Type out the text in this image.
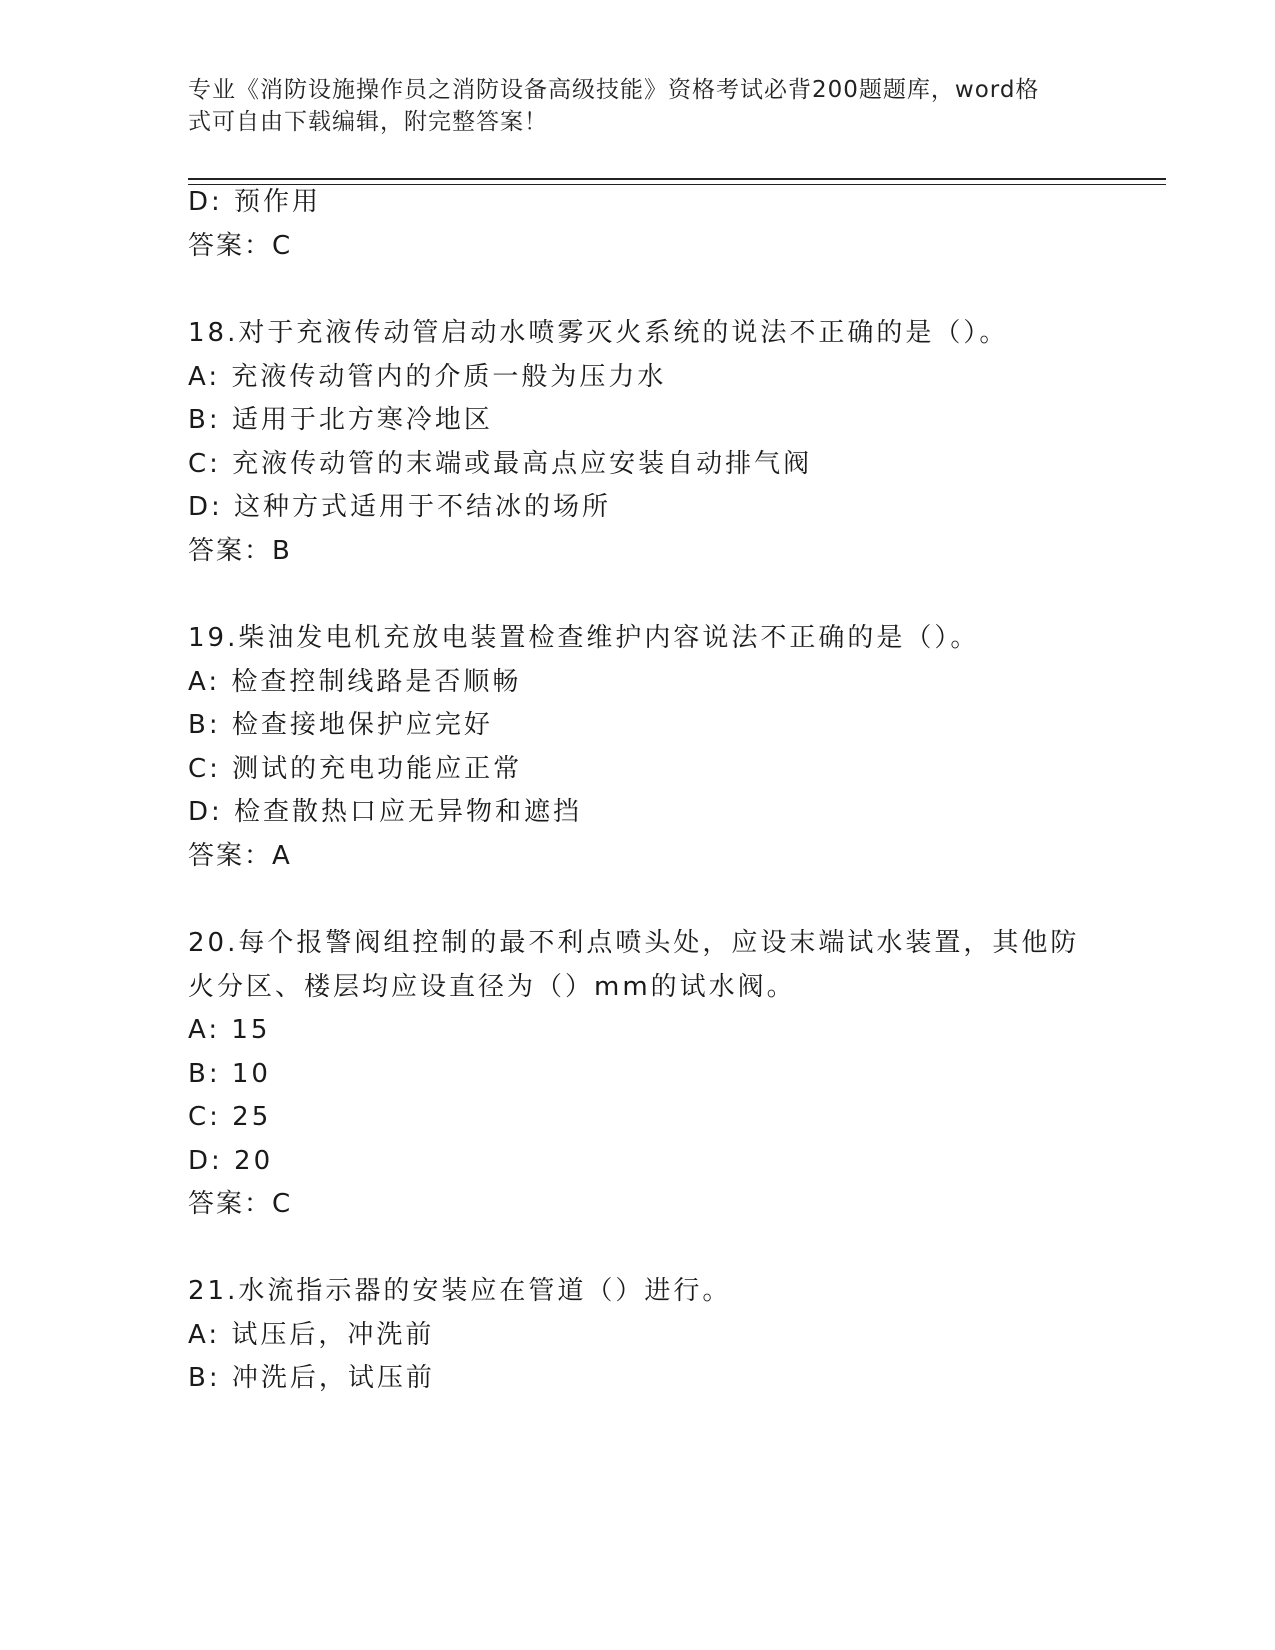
专业《消防设施操作员之消防设备高级技能》资格考试必背200题题库，word格
式可自由下载编辑，附完整答案！
D: 预作用
答案：C
18.对于充液传动管启动水喷雾灭火系统的说法不正确的是（）。
A: 充液传动管内的介质一般为压力水
B: 适用于北方寒冷地区
C: 充液传动管的末端或最高点应安装自动排气阀
D: 这种方式适用于不结冰的场所
答案：B
19.柴油发电机充放电装置检查维护内容说法不正确的是（）。
A: 检查控制线路是否顺畅
B: 检查接地保护应完好
C: 测试的充电功能应正常
D: 检查散热口应无异物和遮挡
答案：A
20.每个报警阀组控制的最不利点喷头处，应设末端试水装置，其他防
火分区、楼层均应设直径为（）mm的试水阀。
A: 15
B: 10
C: 25
D: 20
答案：C
21.水流指示器的安装应在管道（）进行。
A: 试压后，冲洗前
B: 冲洗后，试压前
